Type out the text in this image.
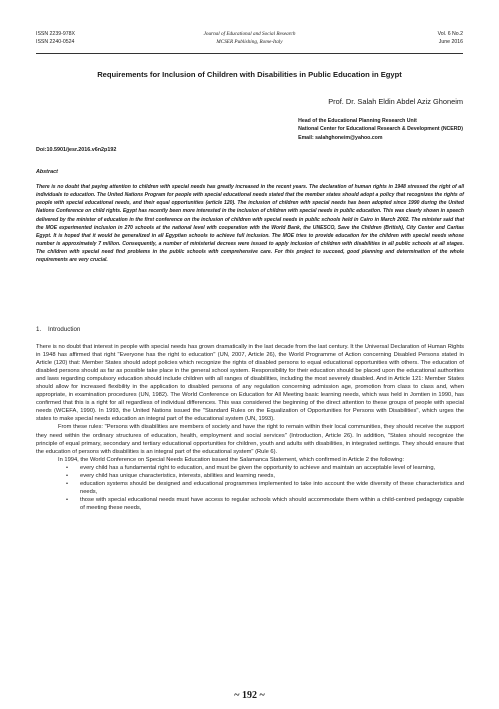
ISSN 2239-978X
ISSN 2240-0524
Journal of Educational and Social Research
MCSER Publishing, Rome-Italy
Vol. 6 No.2
June 2016
Requirements for Inclusion of Children with Disabilities in Public Education in Egypt
Prof. Dr. Salah Eldin Abdel Aziz Ghoneim
Head of the Educational Planning Research Unit
National Center for Educational Research & Development (NCERD)
Email: salahghoneim@yahoo.com
Doi:10.5901/jesr.2016.v6n2p192
Abstract
There is no doubt that paying attention to children with special needs has greatly increased in the recent years. The declaration of human rights in 1948 stressed the right of all individuals to education. The United Nations Program for people with special educational needs stated that the member states should adopt a policy that recognizes the rights of people with special educational needs, and their equal opportunities (article 120). The inclusion of children with special needs has been adopted since 1990 during the United Nations Conference on child rights. Egypt has recently been more interested in the inclusion of children with special needs in public education. This was clearly shown in speech delivered by the minister of education in the first conference on the inclusion of children with special needs in public schools held in Cairo in March 2002. The minister said that the MOE experimented inclusion in 270 schools at the national level with cooperation with the World Bank, the UNESCO, Save the Children (British), City Center and Caritas Egypt. It is hoped that it would be generalized in all Egyptian schools to achieve full inclusion. The MOE tries to provide education for the children with special needs whose number is approximately 7 million. Consequently, a number of ministerial decrees were issued to apply inclusion of children with disabilities in all public schools at all stages. The children with special need find problems in the public schools with comprehensive care. For this project to succeed, good planning and determination of the whole requirements are very crucial.
1. Introduction

There is no doubt that interest in people with special needs has grown dramatically in the last decade from the last century. It the Universal Declaration of Human Rights in 1948 has affirmed that right "Everyone has the right to education" (UN, 2007, Article 26), the World Programme of Action concerning Disabled Persons stated in Article (120) that: Member States should adopt policies which recognize the rights of disabled persons to equal educational opportunities with others. The education of disabled persons should as far as possible take place in the general school system. Responsibility for their education should be placed upon the educational authorities and laws regarding compulsory education should include children with all ranges of disabilities, including the most severely disabled. And in Article 121: Member States should allow for increased flexibility in the application to disabled persons of any regulation concerning admission age, promotion from class to class and, when appropriate, in examination procedures (UN, 1982). The World Conference on Education for All Meeting basic learning needs, which was held in Jomtien in 1990, has confirmed that this is a right for all regardless of individual differences. This was considered the beginning of the direct attention to these groups of people with special needs (WCEFA, 1990). In 1993, the United Nations issued the "Standard Rules on the Equalization of Opportunities for Persons with Disabilities", which urges the states to make special needs education an integral part of the educational system (UN, 1993).

From these rules: "Persons with disabilities are members of society and have the right to remain within their local communities, they should receive the support they need within the ordinary structures of education, health, employment and social services" (Introduction, Article 26). In addition, "States should recognize the principle of equal primary, secondary and tertiary educational opportunities for children, youth and adults with disabilities, in integrated settings. They should ensure that the education of persons with disabilities is an integral part of the educational system" (Rule 6).

In 1994, the World Conference on Special Needs Education issued the Salamanca Statement, which confirmed in Article 2 the following:

• every child has a fundamental right to education, and must be given the opportunity to achieve and maintain an acceptable level of learning,
• every child has unique characteristics, interests, abilities and learning needs,
• education systems should be designed and educational programmes implemented to take into account the wide diversity of these characteristics and needs,
• those with special educational needs must have access to regular schools which should accommodate them within a child-centred pedagogy capable of meeting these needs,
~ 192 ~
